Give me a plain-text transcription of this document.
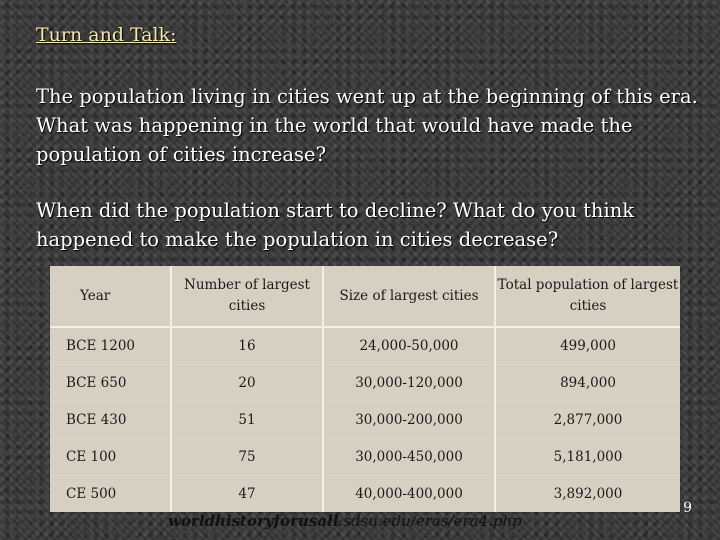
Turn and Talk:

The population living in cities went up at the beginning of this era. What was happening in the world that would have made the population of cities increase?

When did the population start to decline? What do you think happened to make the population in cities decrease?

Year	Number of largest cities	Size of largest cities	Total population of largest cities
BCE 1200	16	24,000-50,000	499,000
BCE 650	20	30,000-120,000	894,000
BCE 430	51	30,000-200,000	2,877,000
CE 100	75	30,000-450,000	5,181,000
CE 500	47	40,000-400,000	3,892,000

worldhistoryforusall.sdsu.edu/eras/era4.php

9
